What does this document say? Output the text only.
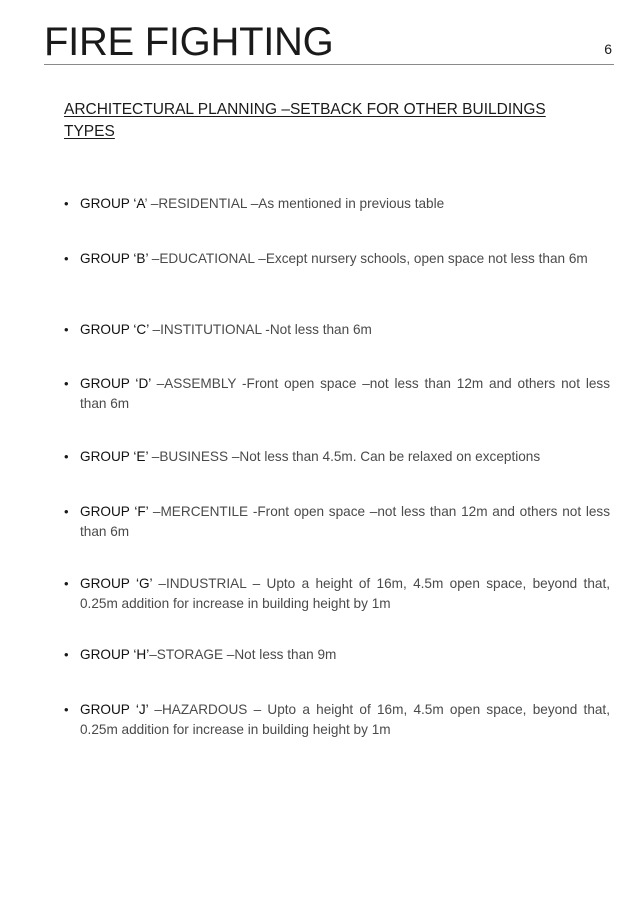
FIRE FIGHTING	6
ARCHITECTURAL PLANNING –SETBACK FOR OTHER BUILDINGS TYPES
• GROUP ‘A’ –RESIDENTIAL –As mentioned in previous table
• GROUP ‘B’ –EDUCATIONAL –Except nursery schools, open space not less than 6m
• GROUP ‘C’ –INSTITUTIONAL -Not less than 6m
• GROUP ‘D’ –ASSEMBLY -Front open space –not less than 12m and others not less than 6m
• GROUP ‘E’ –BUSINESS –Not less than 4.5m. Can be relaxed on exceptions
• GROUP ‘F’ –MERCENTILE -Front open space –not less than 12m and others not less than 6m
• GROUP ‘G’ –INDUSTRIAL – Upto a height of 16m, 4.5m open space, beyond that, 0.25m addition for increase in building height by 1m
• GROUP ‘H’–STORAGE –Not less than 9m
• GROUP ‘J’ –HAZARDOUS – Upto a height of 16m, 4.5m open space, beyond that, 0.25m addition for increase in building height by 1m
